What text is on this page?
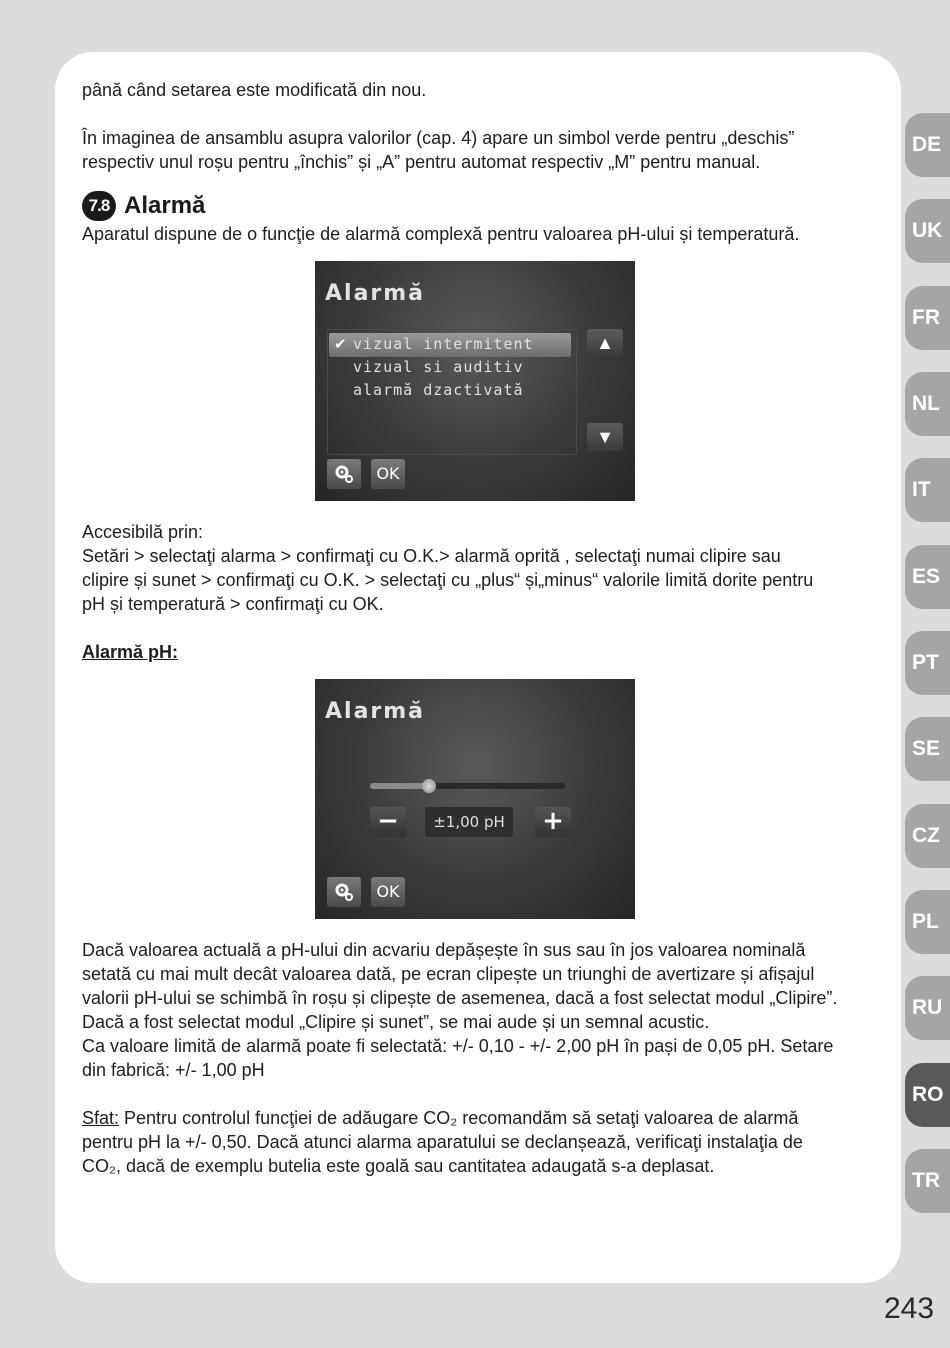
până când setarea este modificată din nou.
În imaginea de ansamblu asupra valorilor (cap. 4) apare un simbol verde pentru „deschis”
respectiv unul roșu pentru „închis” și „A” pentru automat respectiv „M” pentru manual.
7.8 Alarmă
Aparatul dispune de o funcţie de alarmă complexă pentru valoarea pH-ului și temperatură.
Alarmă
✔ vizual intermitent
vizual si auditiv
alarmă dzactivată
▲
▼
OK
Accesibilă prin:
Setări > selectaţi alarma > confirmaţi cu O.K.> alarmă oprită , selectaţi numai clipire sau
clipire și sunet > confirmaţi cu O.K. > selectaţi cu „plus“ și„minus“ valorile limită dorite pentru
pH și temperatură > confirmaţi cu OK.
Alarmă pH:
Alarmă
−	±1,00 pH	+
OK
Dacă valoarea actuală a pH-ului din acvariu depășește în sus sau în jos valoarea nominală
setată cu mai mult decât valoarea dată, pe ecran clipește un triunghi de avertizare și afișajul
valorii pH-ului se schimbă în roșu și clipește de asemenea, dacă a fost selectat modul „Clipire”.
Dacă a fost selectat modul „Clipire și sunet”, se mai aude și un semnal acustic.
Ca valoare limită de alarmă poate fi selectată: +/- 0,10 - +/- 2,00 pH în pași de 0,05 pH. Setare
din fabrică: +/- 1,00 pH
Sfat: Pentru controlul funcţiei de adăugare CO₂ recomandăm să setaţi valoarea de alarmă
pentru pH la +/- 0,50. Dacă atunci alarma aparatului se declanșează, verificaţi instalaţia de
CO₂, dacă de exemplu butelia este goală sau cantitatea adaugată s-a deplasat.
DE
UK
FR
NL
IT
ES
PT
SE
CZ
PL
RU
RO
TR
243
